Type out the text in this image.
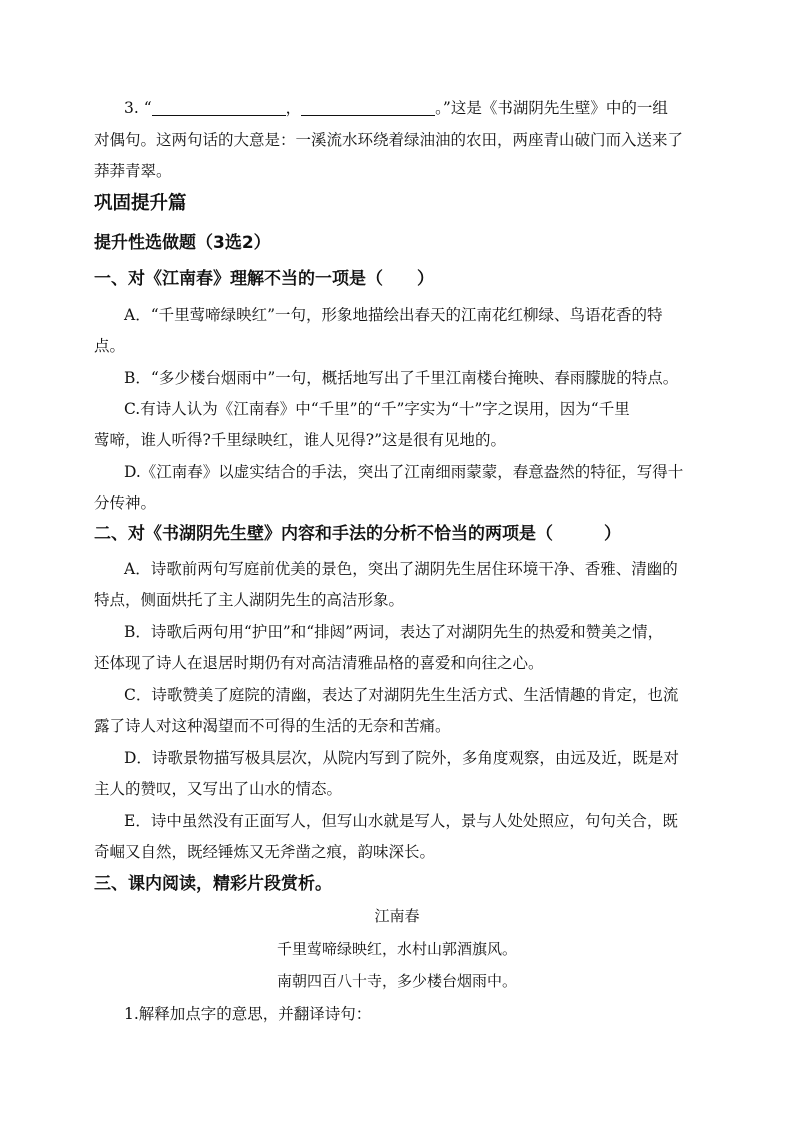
3. “	，	。”这是《书湖阴先生壁》中的一组
对偶句。这两句话的大意是：一溪流水环绕着绿油油的农田，两座青山破门而入送来了
莽莽青翠。
巩固提升篇
提升性选做题（3选2）
一、对《江南春》理解不当的一项是（　　）
A．“千里莺啼绿映红”一句，形象地描绘出春天的江南花红柳绿、鸟语花香的特
点。
B．“多少楼台烟雨中”一句，概括地写出了千里江南楼台掩映、春雨朦胧的特点。
C.有诗人认为《江南春》中“千里”的“千”字实为“十”字之误用，因为“千里
莺啼，谁人听得?千里绿映红，谁人见得?”这是很有见地的。
D.《江南春》以虚实结合的手法，突出了江南细雨蒙蒙，春意盎然的特征，写得十
分传神。
二、对《书湖阴先生壁》内容和手法的分析不恰当的两项是（　　　）
A．诗歌前两句写庭前优美的景色，突出了湖阴先生居住环境干净、香雅、清幽的
特点，侧面烘托了主人湖阴先生的高洁形象。
B．诗歌后两句用“护田”和“排闼”两词，表达了对湖阴先生的热爱和赞美之情，
还体现了诗人在退居时期仍有对高洁清雅品格的喜爱和向往之心。
C．诗歌赞美了庭院的清幽，表达了对湖阴先生生活方式、生活情趣的肯定，也流
露了诗人对这种渴望而不可得的生活的无奈和苦痛。
D．诗歌景物描写极具层次，从院内写到了院外，多角度观察，由远及近，既是对
主人的赞叹，又写出了山水的情态。
E．诗中虽然没有正面写人，但写山水就是写人，景与人处处照应，句句关合，既
奇崛又自然，既经锤炼又无斧凿之痕，韵味深长。
三、课内阅读，精彩片段赏析。
江南春
千里莺啼绿映红，水村山郭酒旗风。
南朝四百八十寺，多少楼台烟雨中。
1.解释加点字的意思，并翻译诗句：
